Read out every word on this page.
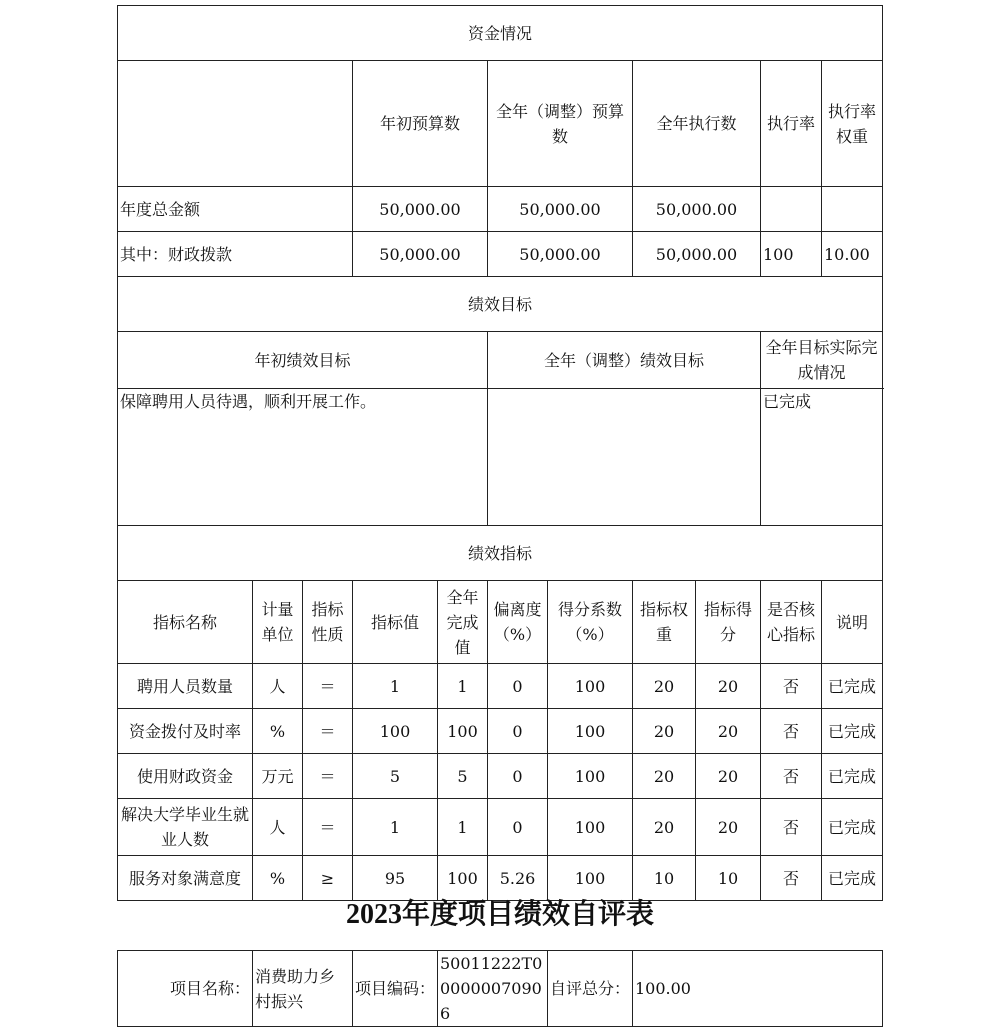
资金情况											
			年初预算数		全年（调整）预算数		全年执行数		执行率	执行率权重	
年度总金额			50,000.00		50,000.00		50,000.00				
其中：财政拨款			50,000.00		50,000.00		50,000.00		100	10.00	
绩效目标											
年初绩效目标					全年（调整）绩效目标				全年目标实际完成情况		
保障聘用人员待遇，顺利开展工作。									已完成		
绩效指标											
指标名称	计量单位	指标性质	指标值	全年完成值	偏离度（%）	得分系数（%）	指标权重	指标得分	是否核心指标	说明	
聘用人员数量	人	＝	1	1	0	100	20	20	否	已完成	
资金拨付及时率	%	＝	100	100	0	100	20	20	否	已完成	
使用财政资金	万元	＝	5	5	0	100	20	20	否	已完成	
解决大学毕业生就业人数	人	＝	1	1	0	100	20	20	否	已完成	
服务对象满意度	%	≥	95	100	5.26	100	10	10	否	已完成	
2023年度项目绩效自评表
项目名称：	消费助力乡村振兴	项目编码：	50011222T000000070906	自评总分：	100.00
